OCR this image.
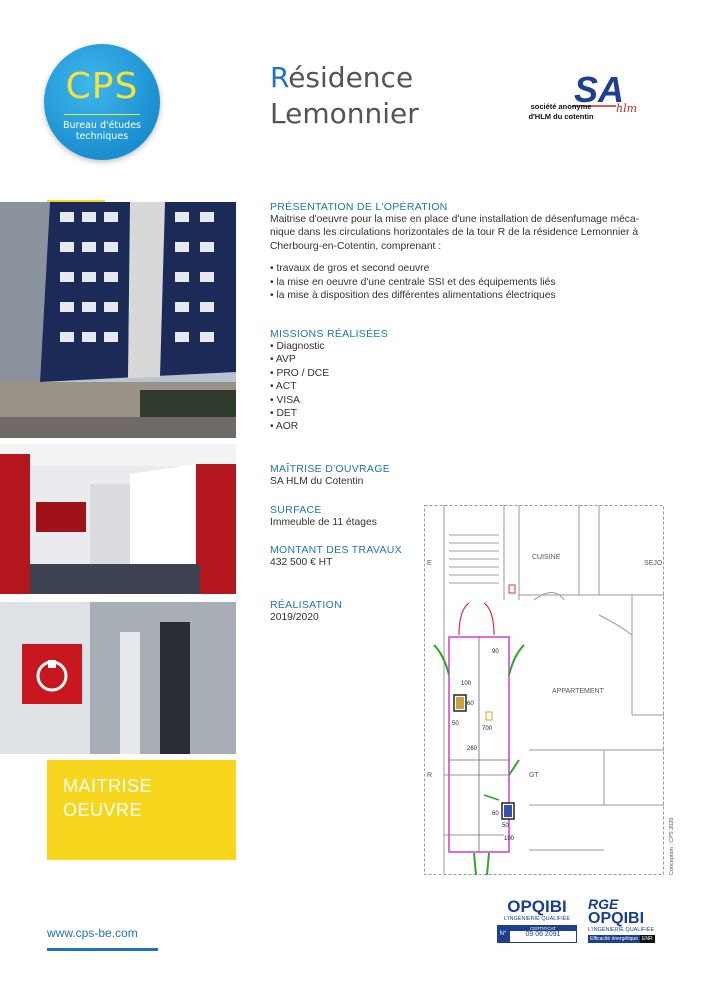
CPS
Bureau d'études
techniques
Résidence
Lemonnier
SA
hlm
société anonyme
d'HLM du cotentin
PRÉSENTATION DE L'OPÉRATION
Maitrise d'oeuvre pour la mise en place d'une installation de désenfumage méca-
nique dans les circulations horizontales de la tour R de la résidence Lemonnier à
Cherbourg-en-Cotentin, comprenant :
• travaux de gros et second oeuvre
• la mise en oeuvre d'une centrale SSI et des équipements liés
• la mise à disposition des différentes alimentations électriques
MISSIONS RÉALISÉES
• Diagnostic
• AVP
• PRO / DCE
• ACT
• VISA
• DET
• AOR
MAÎTRISE D'OUVRAGE
SA HLM du Cotentin
SURFACE
Immeuble de 11 étages
MONTANT DES TRAVAUX
432 500 € HT
RÉALISATION
2019/2020
CUISINE
SEJO
APPARTEMENT
GT
R
E
90
100
60
50
700
260
60
50
100	Conception : CPS 2020
MAITRISE
OEUVRE
www.cps-be.com
OPQIBI
L'INGÉNIERIE QUALIFIÉE
N°
CERTIFICAT
09 06 2091
RGE
OPQIBI
L'INGÉNIERIE QUALIFIÉE
Efficacité énergétique ENR
